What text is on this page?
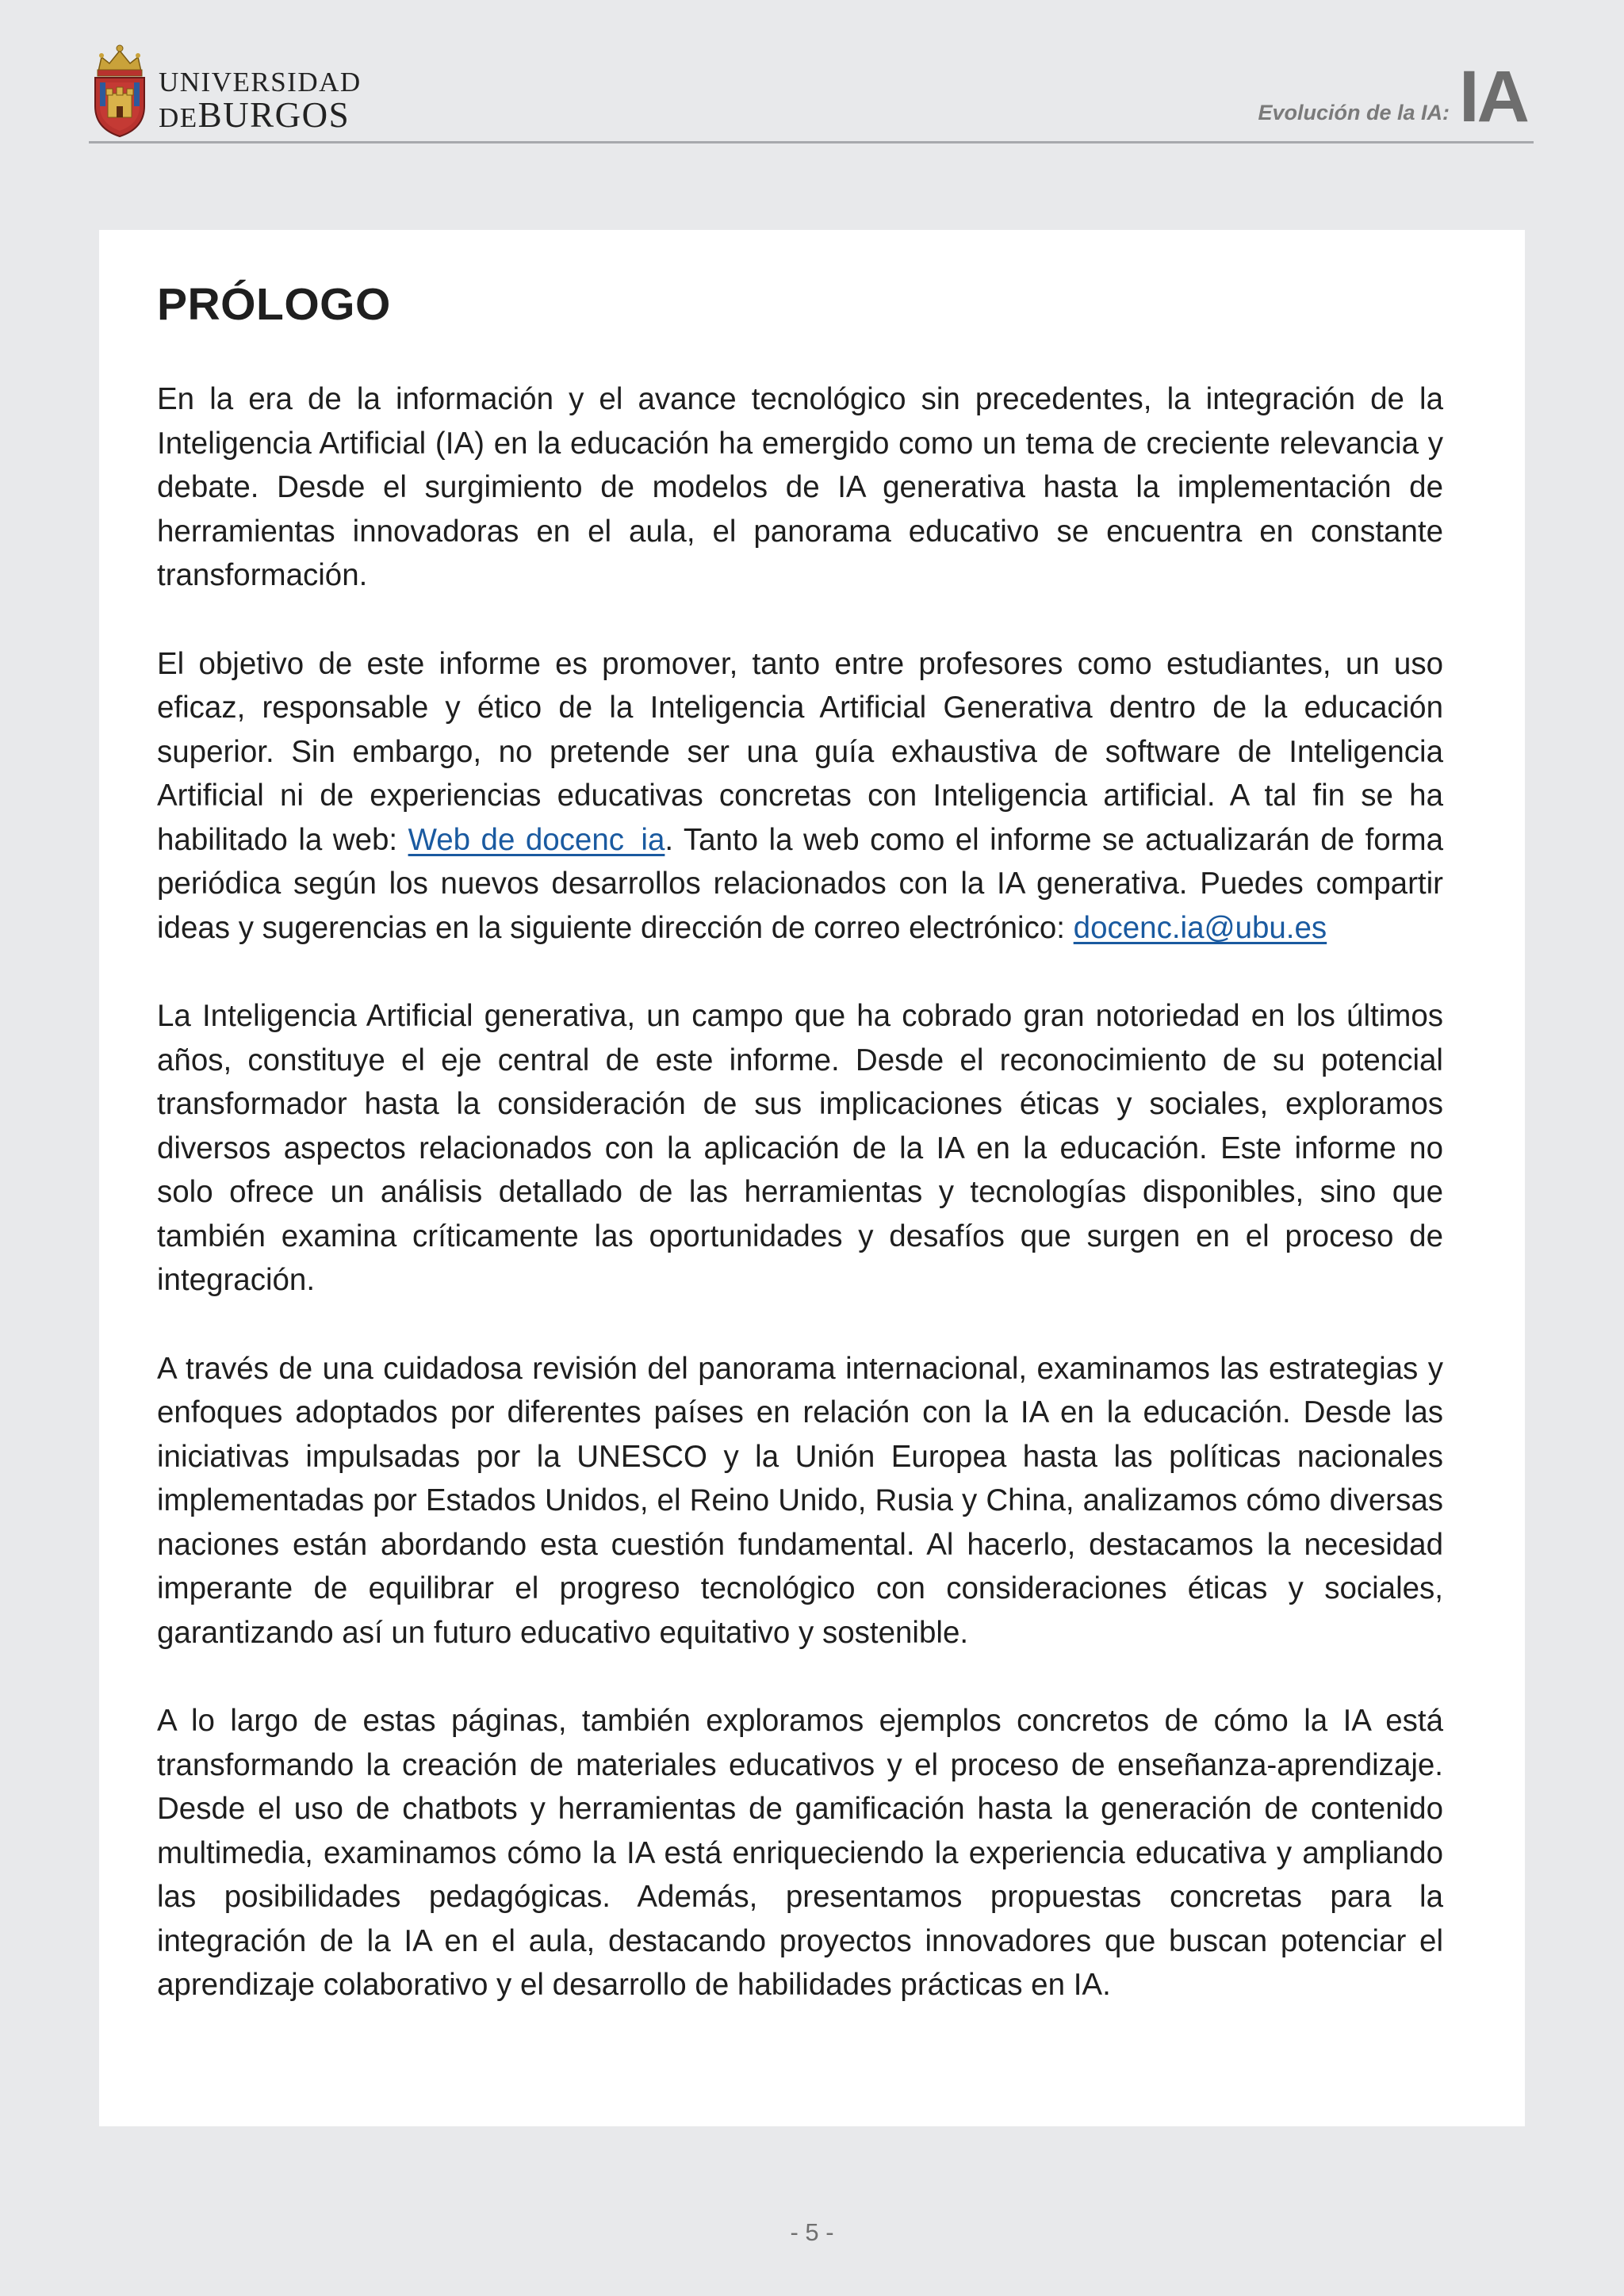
UNIVERSIDAD
DEBURGOS	Evolución de la IA: IA
PRÓLOGO

En la era de la información y el avance tecnológico sin precedentes, la integración de la Inteligencia Artificial (IA) en la educación ha emergido como un tema de creciente relevancia y debate. Desde el surgimiento de modelos de IA generativa hasta la implementación de herramientas innovadoras en el aula, el panorama educativo se encuentra en constante transformación.

El objetivo de este informe es promover, tanto entre profesores como estudiantes, un uso eficaz, responsable y ético de la Inteligencia Artificial Generativa dentro de la educación superior. Sin embargo, no pretende ser una guía exhaustiva de software de Inteligencia Artificial ni de experiencias educativas concretas con Inteligencia artificial. A tal fin se ha habilitado la web: Web de docenc_ia. Tanto la web como el informe se actualizarán de forma periódica según los nuevos desarrollos relacionados con la IA generativa. Puedes compartir ideas y sugerencias en la siguiente dirección de correo electrónico: docenc.ia@ubu.es

La Inteligencia Artificial generativa, un campo que ha cobrado gran notoriedad en los últimos años, constituye el eje central de este informe. Desde el reconocimiento de su potencial transformador hasta la consideración de sus implicaciones éticas y sociales, exploramos diversos aspectos relacionados con la aplicación de la IA en la educación. Este informe no solo ofrece un análisis detallado de las herramientas y tecnologías disponibles, sino que también examina críticamente las oportunidades y desafíos que surgen en el proceso de integración.

A través de una cuidadosa revisión del panorama internacional, examinamos las estrategias y enfoques adoptados por diferentes países en relación con la IA en la educación. Desde las iniciativas impulsadas por la UNESCO y la Unión Europea hasta las políticas nacionales implementadas por Estados Unidos, el Reino Unido, Rusia y China, analizamos cómo diversas naciones están abordando esta cuestión fundamental. Al hacerlo, destacamos la necesidad imperante de equilibrar el progreso tecnológico con consideraciones éticas y sociales, garantizando así un futuro educativo equitativo y sostenible.

A lo largo de estas páginas, también exploramos ejemplos concretos de cómo la IA está transformando la creación de materiales educativos y el proceso de enseñanza-aprendizaje. Desde el uso de chatbots y herramientas de gamificación hasta la generación de contenido multimedia, examinamos cómo la IA está enriqueciendo la experiencia educativa y ampliando las posibilidades pedagógicas. Además, presentamos propuestas concretas para la integración de la IA en el aula, destacando proyectos innovadores que buscan potenciar el aprendizaje colaborativo y el desarrollo de habilidades prácticas en IA.

- 5 -
